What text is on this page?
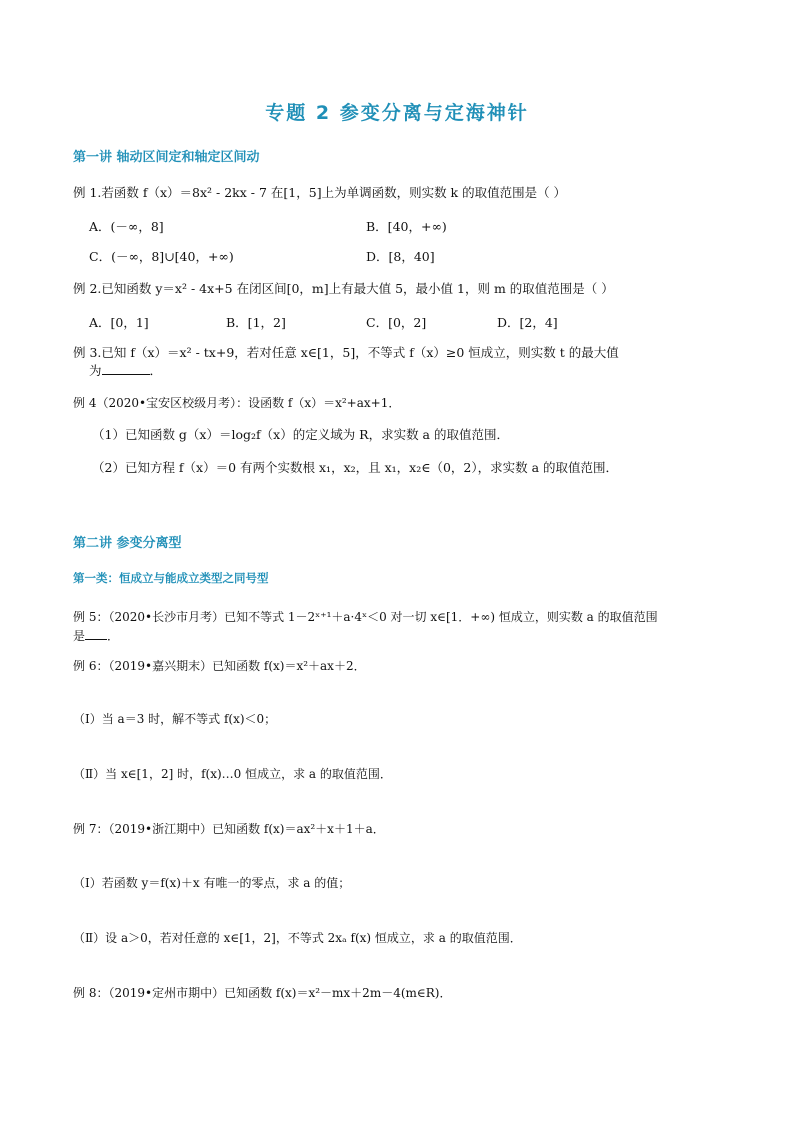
专题 2 参变分离与定海神针
第一讲 轴动区间定和轴定区间动
例 1.若函数 f（x）＝8x² - 2kx - 7 在[1，5]上为单调函数，则实数 k 的取值范围是（ ）
A．(－∞，8]	B．[40，+∞)
C．(－∞，8]∪[40，+∞)	D．[8，40]
例 2.已知函数 y＝x² - 4x+5 在闭区间[0，m]上有最大值 5，最小值 1，则 m 的取值范围是（ ）
A．[0，1]	B．[1，2]	C．[0，2]	D．[2，4]
例 3.已知 f（x）＝x² - tx+9，若对任意 x∈[1，5]，不等式 f（x）≥0 恒成立，则实数 t 的最大值
为	．
例 4（2020•宝安区校级月考）：设函数 f（x）＝x²+ax+1．
（1）已知函数 g（x）＝log₂f（x）的定义域为 R，求实数 a 的取值范围．
（2）已知方程 f（x）＝0 有两个实数根 x₁，x₂，且 x₁，x₂∈（0，2），求实数 a 的取值范围．
第二讲 参变分离型
第一类：恒成立与能成立类型之同号型
例 5：（2020•长沙市月考）已知不等式 1－2ˣ⁺¹＋a·4ˣ＜0 对一切 x∈[1．+∞) 恒成立，则实数 a 的取值范围
是 ．
例 6：（2019•嘉兴期末）已知函数 f(x)＝x²＋ax＋2．
（Ⅰ）当 a＝3 时，解不等式 f(x)＜0；
（Ⅱ）当 x∈[1，2] 时，f(x)…0 恒成立，求 a 的取值范围．
例 7：（2019•浙江期中）已知函数 f(x)＝ax²＋x＋1＋a．
（Ⅰ）若函数 y＝f(x)＋x 有唯一的零点，求 a 的值；
（Ⅱ）设 a＞0，若对任意的 x∈[1，2]，不等式 2xₐ f(x) 恒成立，求 a 的取值范围．
例 8：（2019•定州市期中）已知函数 f(x)＝x²－mx＋2m－4(m∈R)．
